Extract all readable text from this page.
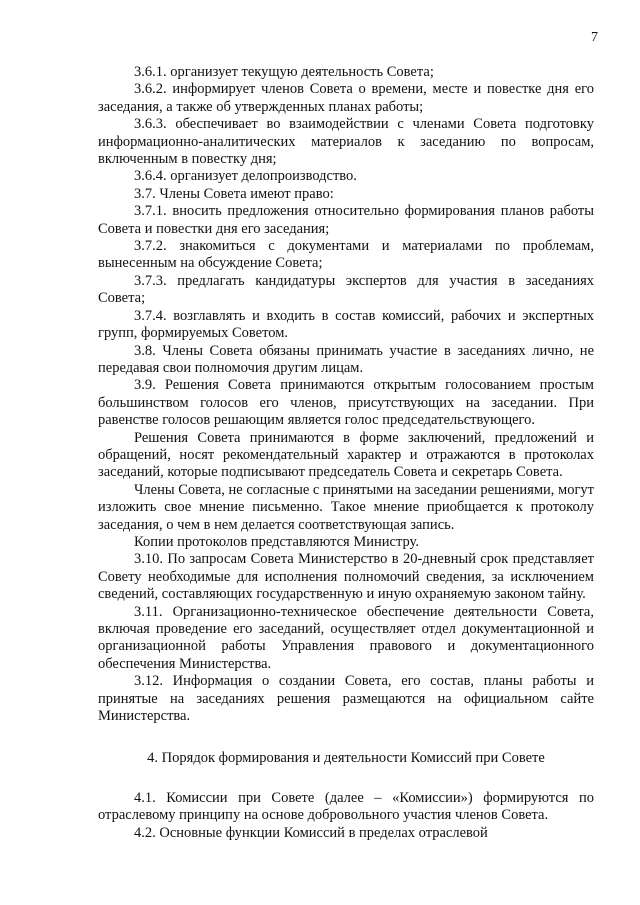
7

3.6.1. организует текущую деятельность Совета;

3.6.2. информирует членов Совета о времени, месте и повестке дня его заседания, а также об утвержденных планах работы;

3.6.3. обеспечивает во взаимодействии с членами Совета подготовку информационно-аналитических материалов к заседанию по вопросам, включенным в повестку дня;

3.6.4. организует делопроизводство.

3.7. Члены Совета имеют право:

3.7.1. вносить предложения относительно формирования планов работы Совета и повестки дня его заседания;

3.7.2. знакомиться с документами и материалами по проблемам, вынесенным на обсуждение Совета;

3.7.3. предлагать кандидатуры экспертов для участия в заседаниях Совета;

3.7.4. возглавлять и входить в состав комиссий, рабочих и экспертных групп, формируемых Советом.

3.8. Члены Совета обязаны принимать участие в заседаниях лично, не передавая свои полномочия другим лицам.

3.9. Решения Совета принимаются открытым голосованием простым большинством голосов его членов, присутствующих на заседании. При равенстве голосов решающим является голос председательствующего.

Решения Совета принимаются в форме заключений, предложений и обращений, носят рекомендательный характер и отражаются в протоколах заседаний, которые подписывают председатель Совета и секретарь Совета.

Члены Совета, не согласные с принятыми на заседании решениями, могут изложить свое мнение письменно. Такое мнение приобщается к протоколу заседания, о чем в нем делается соответствующая запись.

Копии протоколов представляются Министру.

3.10. По запросам Совета Министерство в 20-дневный срок представляет Совету необходимые для исполнения полномочий сведения, за исключением сведений, составляющих государственную и иную охраняемую законом тайну.

3.11. Организационно-техническое обеспечение деятельности Совета, включая проведение его заседаний, осуществляет отдел документационной и организационной работы Управления правового и документационного обеспечения Министерства.

3.12. Информация о создании Совета, его состав, планы работы и принятые на заседаниях решения размещаются на официальном сайте Министерства.

4. Порядок формирования и деятельности Комиссий при Совете

4.1. Комиссии при Совете (далее – «Комиссии») формируются по отраслевому принципу на основе добровольного участия членов Совета.

4.2. Основные функции Комиссий в пределах отраслевой
